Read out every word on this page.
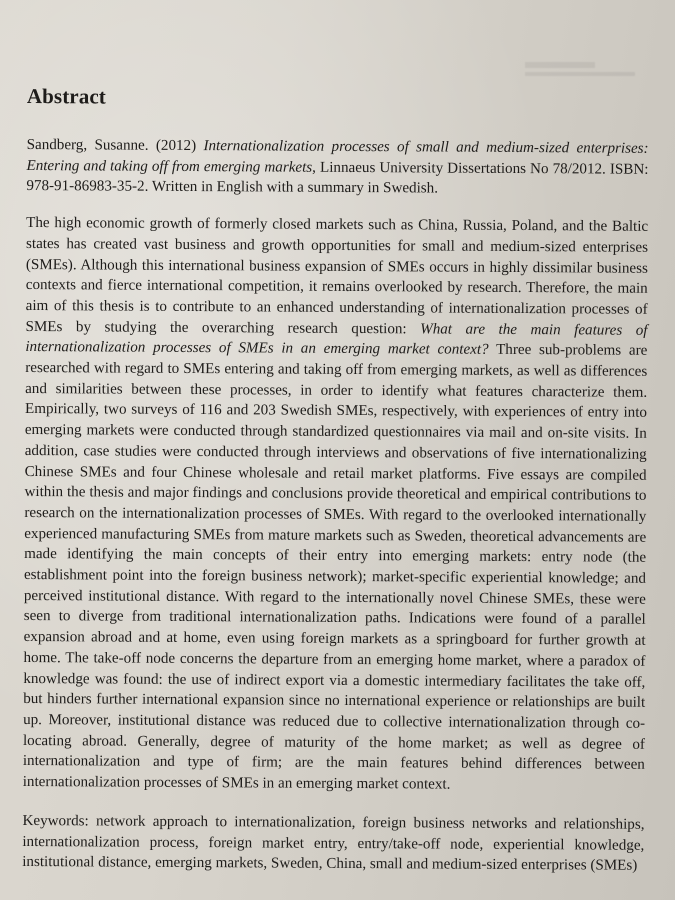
Abstract

Sandberg, Susanne. (2012) Internationalization processes of small and medium-sized enterprises: Entering and taking off from emerging markets, Linnaeus University Dissertations No 78/2012. ISBN: 978-91-86983-35-2. Written in English with a summary in Swedish.

The high economic growth of formerly closed markets such as China, Russia, Poland, and the Baltic states has created vast business and growth opportunities for small and medium-sized enterprises (SMEs). Although this international business expansion of SMEs occurs in highly dissimilar business contexts and fierce international competition, it remains overlooked by research. Therefore, the main aim of this thesis is to contribute to an enhanced understanding of internationalization processes of SMEs by studying the overarching research question: What are the main features of internationalization processes of SMEs in an emerging market context? Three sub-problems are researched with regard to SMEs entering and taking off from emerging markets, as well as differences and similarities between these processes, in order to identify what features characterize them. Empirically, two surveys of 116 and 203 Swedish SMEs, respectively, with experiences of entry into emerging markets were conducted through standardized questionnaires via mail and on-site visits. In addition, case studies were conducted through interviews and observations of five internationalizing Chinese SMEs and four Chinese wholesale and retail market platforms. Five essays are compiled within the thesis and major findings and conclusions provide theoretical and empirical contributions to research on the internationalization processes of SMEs. With regard to the overlooked internationally experienced manufacturing SMEs from mature markets such as Sweden, theoretical advancements are made identifying the main concepts of their entry into emerging markets: entry node (the establishment point into the foreign business network); market-specific experiential knowledge; and perceived institutional distance. With regard to the internationally novel Chinese SMEs, these were seen to diverge from traditional internationalization paths. Indications were found of a parallel expansion abroad and at home, even using foreign markets as a springboard for further growth at home. The take-off node concerns the departure from an emerging home market, where a paradox of knowledge was found: the use of indirect export via a domestic intermediary facilitates the take off, but hinders further international expansion since no international experience or relationships are built up. Moreover, institutional distance was reduced due to collective internationalization through co-locating abroad. Generally, degree of maturity of the home market; as well as degree of internationalization and type of firm; are the main features behind differences between internationalization processes of SMEs in an emerging market context.

Keywords: network approach to internationalization, foreign business networks and relationships, internationalization process, foreign market entry, entry/take-off node, experiential knowledge, institutional distance, emerging markets, Sweden, China, small and medium-sized enterprises (SMEs)
